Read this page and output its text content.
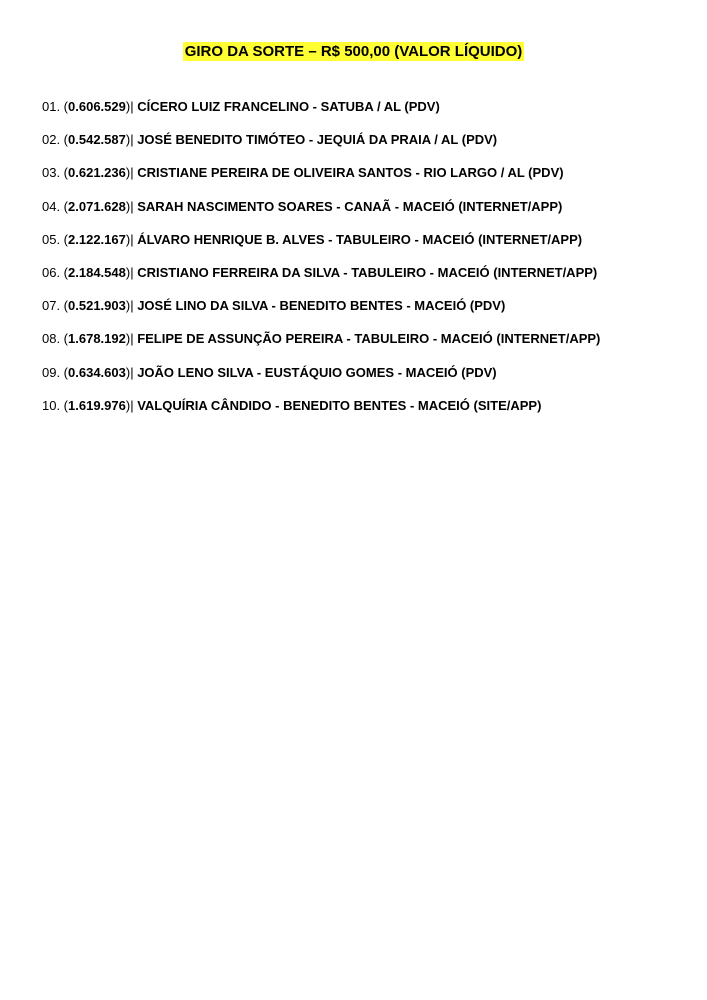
GIRO DA SORTE – R$ 500,00 (VALOR LÍQUIDO)
01. (0.606.529)| CÍCERO LUIZ FRANCELINO - SATUBA / AL (PDV)
02. (0.542.587)| JOSÉ BENEDITO TIMÓTEO - JEQUIÁ DA PRAIA / AL (PDV)
03. (0.621.236)| CRISTIANE PEREIRA DE OLIVEIRA SANTOS - RIO LARGO / AL (PDV)
04. (2.071.628)| SARAH NASCIMENTO SOARES - CANAÃ - MACEIÓ (INTERNET/APP)
05. (2.122.167)| ÁLVARO HENRIQUE B. ALVES - TABULEIRO - MACEIÓ (INTERNET/APP)
06. (2.184.548)| CRISTIANO FERREIRA DA SILVA - TABULEIRO - MACEIÓ (INTERNET/APP)
07. (0.521.903)| JOSÉ LINO DA SILVA - BENEDITO BENTES - MACEIÓ (PDV)
08. (1.678.192)| FELIPE DE ASSUNÇÃO PEREIRA - TABULEIRO - MACEIÓ (INTERNET/APP)
09. (0.634.603)| JOÃO LENO SILVA - EUSTÁQUIO GOMES - MACEIÓ (PDV)
10. (1.619.976)| VALQUÍRIA CÂNDIDO - BENEDITO BENTES - MACEIÓ (SITE/APP)
